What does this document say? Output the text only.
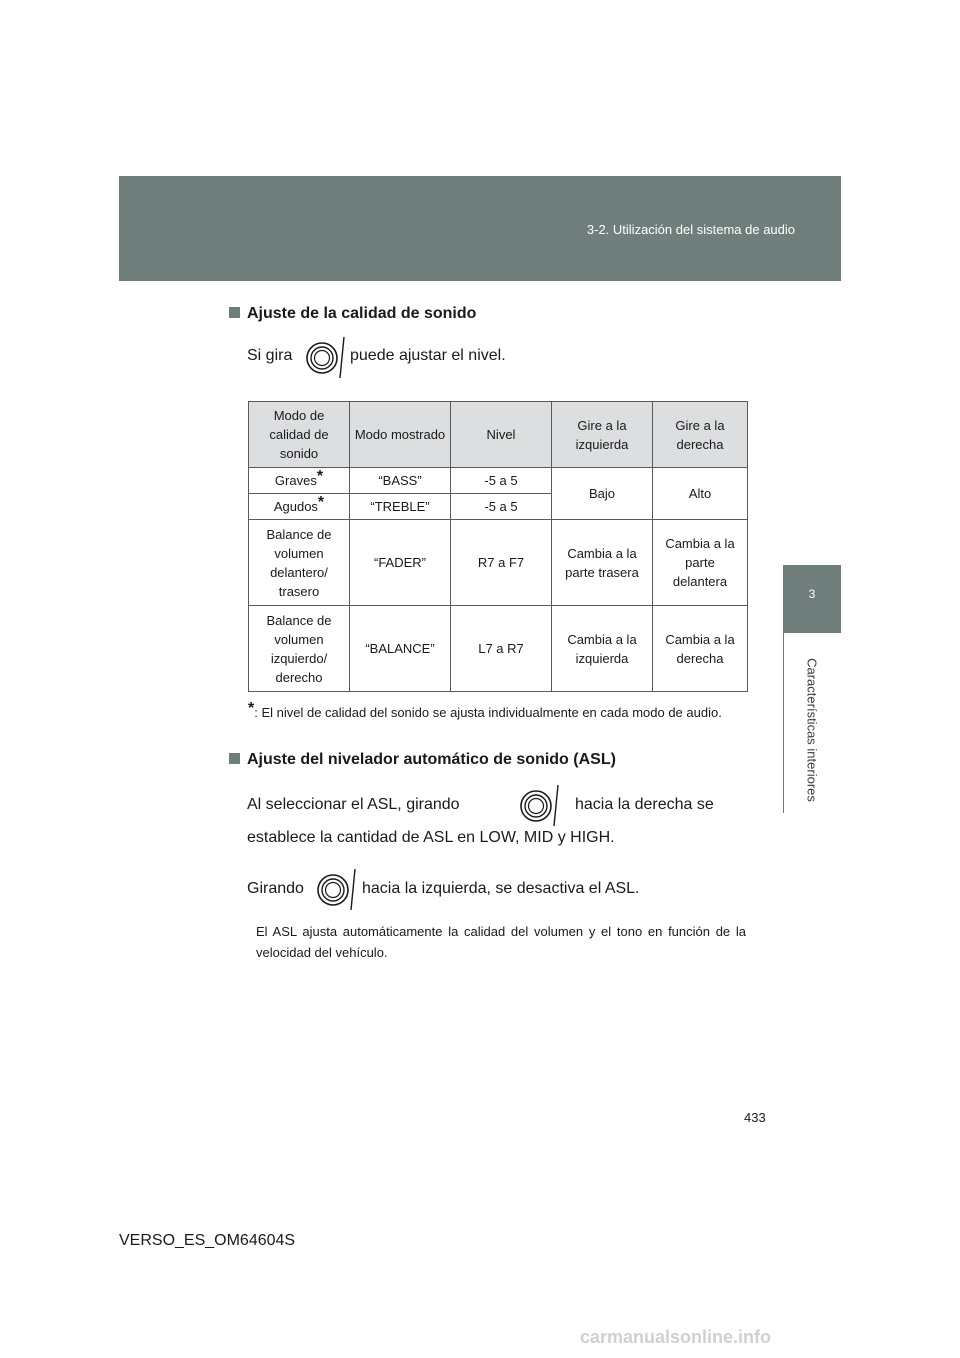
3-2. Utilización del sistema de audio
3
Características interiores
Ajuste de la calidad de sonido
Si gira	puede ajustar el nivel.
Modo de calidad de sonido	Modo mostrado	Nivel	Gire a la izquierda	Gire a la derecha
Graves*	“BASS”	-5 a 5	Bajo	Alto
Agudos*	“TREBLE”	-5 a 5		
Balance de volumen delantero/ trasero	“FADER”	R7 a F7	Cambia a la parte trasera	Cambia a la parte delantera
Balance de volumen izquierdo/ derecho	“BALANCE”	L7 a R7	Cambia a la izquierda	Cambia a la derecha
*: El nivel de calidad del sonido se ajusta individualmente en cada modo de audio.
Ajuste del nivelador automático de sonido (ASL)
Al seleccionar el ASL, girando	hacia la derecha se
establece la cantidad de ASL en LOW, MID y HIGH.
Girando	hacia la izquierda, se desactiva el ASL.
El ASL ajusta automáticamente la calidad del volumen y el tono en función de la velocidad del vehículo.
433
VERSO_ES_OM64604S
carmanualsonline.info
